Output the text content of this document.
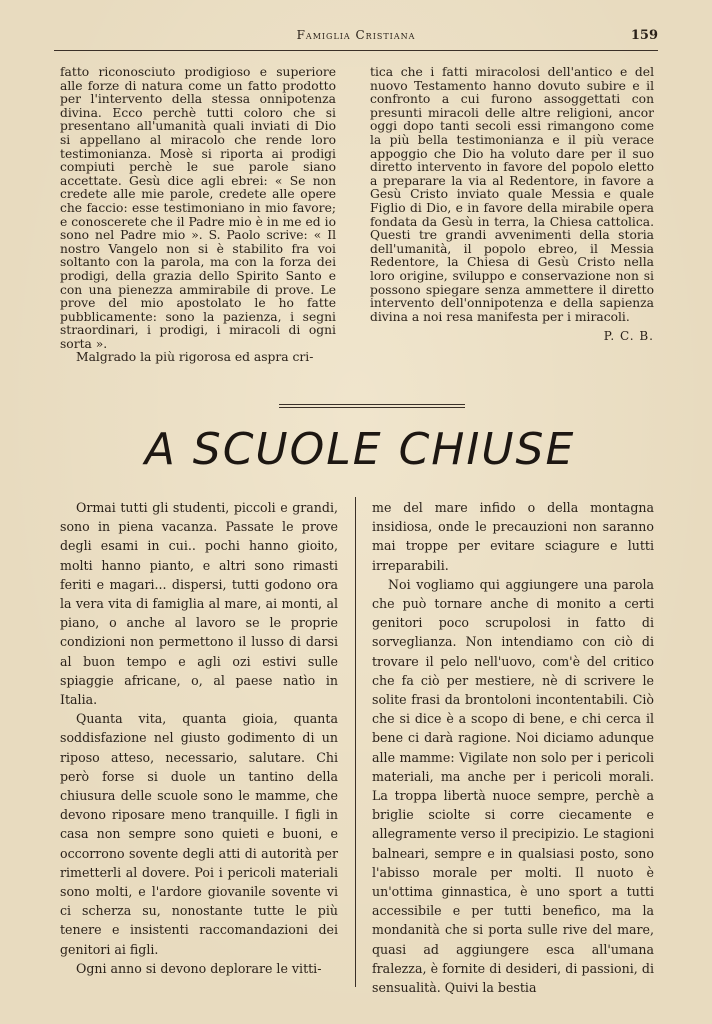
Famiglia Cristiana	159

fatto riconosciuto prodigioso e superiore alle forze di natura come un fatto prodotto per l'intervento della stessa onnipotenza divina. Ecco perchè tutti coloro che si presentano all'umanità quali inviati di Dio si appellano al miracolo che rende loro testimonianza. Mosè si riporta ai prodigi compiuti perchè le sue parole siano accettate. Gesù dice agli ebrei: « Se non credete alle mie parole, credete alle opere che faccio: esse testimoniano in mio favore; e conoscerete che il Padre mio è in me ed io sono nel Padre mio ». S. Paolo scrive: « Il nostro Vangelo non si è stabilito fra voi soltanto con la parola, ma con la forza dei prodigi, della grazia dello Spirito Santo e con una pienezza ammirabile di prove. Le prove del mio apostolato le ho fatte pubblicamente: sono la pazienza, i segni straordinari, i prodigi, i miracoli di ogni sorta ».

Malgrado la più rigorosa ed aspra cri-

tica che i fatti miracolosi dell'antico e del nuovo Testamento hanno dovuto subire e il confronto a cui furono assoggettati con presunti miracoli delle altre religioni, ancor oggi dopo tanti secoli essi rimangono come la più bella testimonianza e il più verace appoggio che Dio ha voluto dare per il suo diretto intervento in favore del popolo eletto a preparare la via al Redentore, in favore a Gesù Cristo inviato quale Messia e quale Figlio di Dio, e in favore della mirabile opera fondata da Gesù in terra, la Chiesa cattolica. Questi tre grandi avvenimenti della storia dell'umanità, il popolo ebreo, il Messia Redentore, la Chiesa di Gesù Cristo nella loro origine, sviluppo e conservazione non si possono spiegare senza ammettere il diretto intervento dell'onnipotenza e della sapienza divina a noi resa manifesta per i miracoli.

P. C. B.
A SCUOLE CHIUSE

Ormai tutti gli studenti, piccoli e grandi, sono in piena vacanza. Passate le prove degli esami in cui.. pochi hanno gioito, molti hanno pianto, e altri sono rimasti feriti e magari... dispersi, tutti godono ora la vera vita di famiglia al mare, ai monti, al piano, o anche al lavoro se le proprie condizioni non permettono il lusso di darsi al buon tempo e agli ozi estivi sulle spiaggie africane, o, al paese natìo in Italia.

Quanta vita, quanta gioia, quanta soddisfazione nel giusto godimento di un riposo atteso, necessario, salutare. Chi però forse si duole un tantino della chiusura delle scuole sono le mamme, che devono riposare meno tranquille. I figli in casa non sempre sono quieti e buoni, e occorrono sovente degli atti di autorità per rimetterli al dovere. Poi i pericoli materiali sono molti, e l'ardore giovanile sovente vi ci scherza su, nonostante tutte le più tenere e insistenti raccomandazioni dei genitori ai figli.

Ogni anno si devono deplorare le vitti-

me del mare infido o della montagna insidiosa, onde le precauzioni non saranno mai troppe per evitare sciagure e lutti irreparabili.

Noi vogliamo qui aggiungere una parola che può tornare anche di monito a certi genitori poco scrupolosi in fatto di sorveglianza. Non intendiamo con ciò di trovare il pelo nell'uovo, com'è del critico che fa ciò per mestiere, nè di scrivere le solite frasi da brontoloni incontentabili. Ciò che si dice è a scopo di bene, e chi cerca il bene ci darà ragione. Noi diciamo adunque alle mamme: Vigilate non solo per i pericoli materiali, ma anche per i pericoli morali. La troppa libertà nuoce sempre, perchè a briglie sciolte si corre ciecamente e allegramente verso il precipizio. Le stagioni balneari, sempre e in qualsiasi posto, sono l'abisso morale per molti. Il nuoto è un'ottima ginnastica, è uno sport a tutti accessibile e per tutti benefico, ma la mondanità che si porta sulle rive del mare, quasi ad aggiungere esca all'umana fralezza, è fornite di desideri, di passioni, di sensualità. Quivi la bestia
